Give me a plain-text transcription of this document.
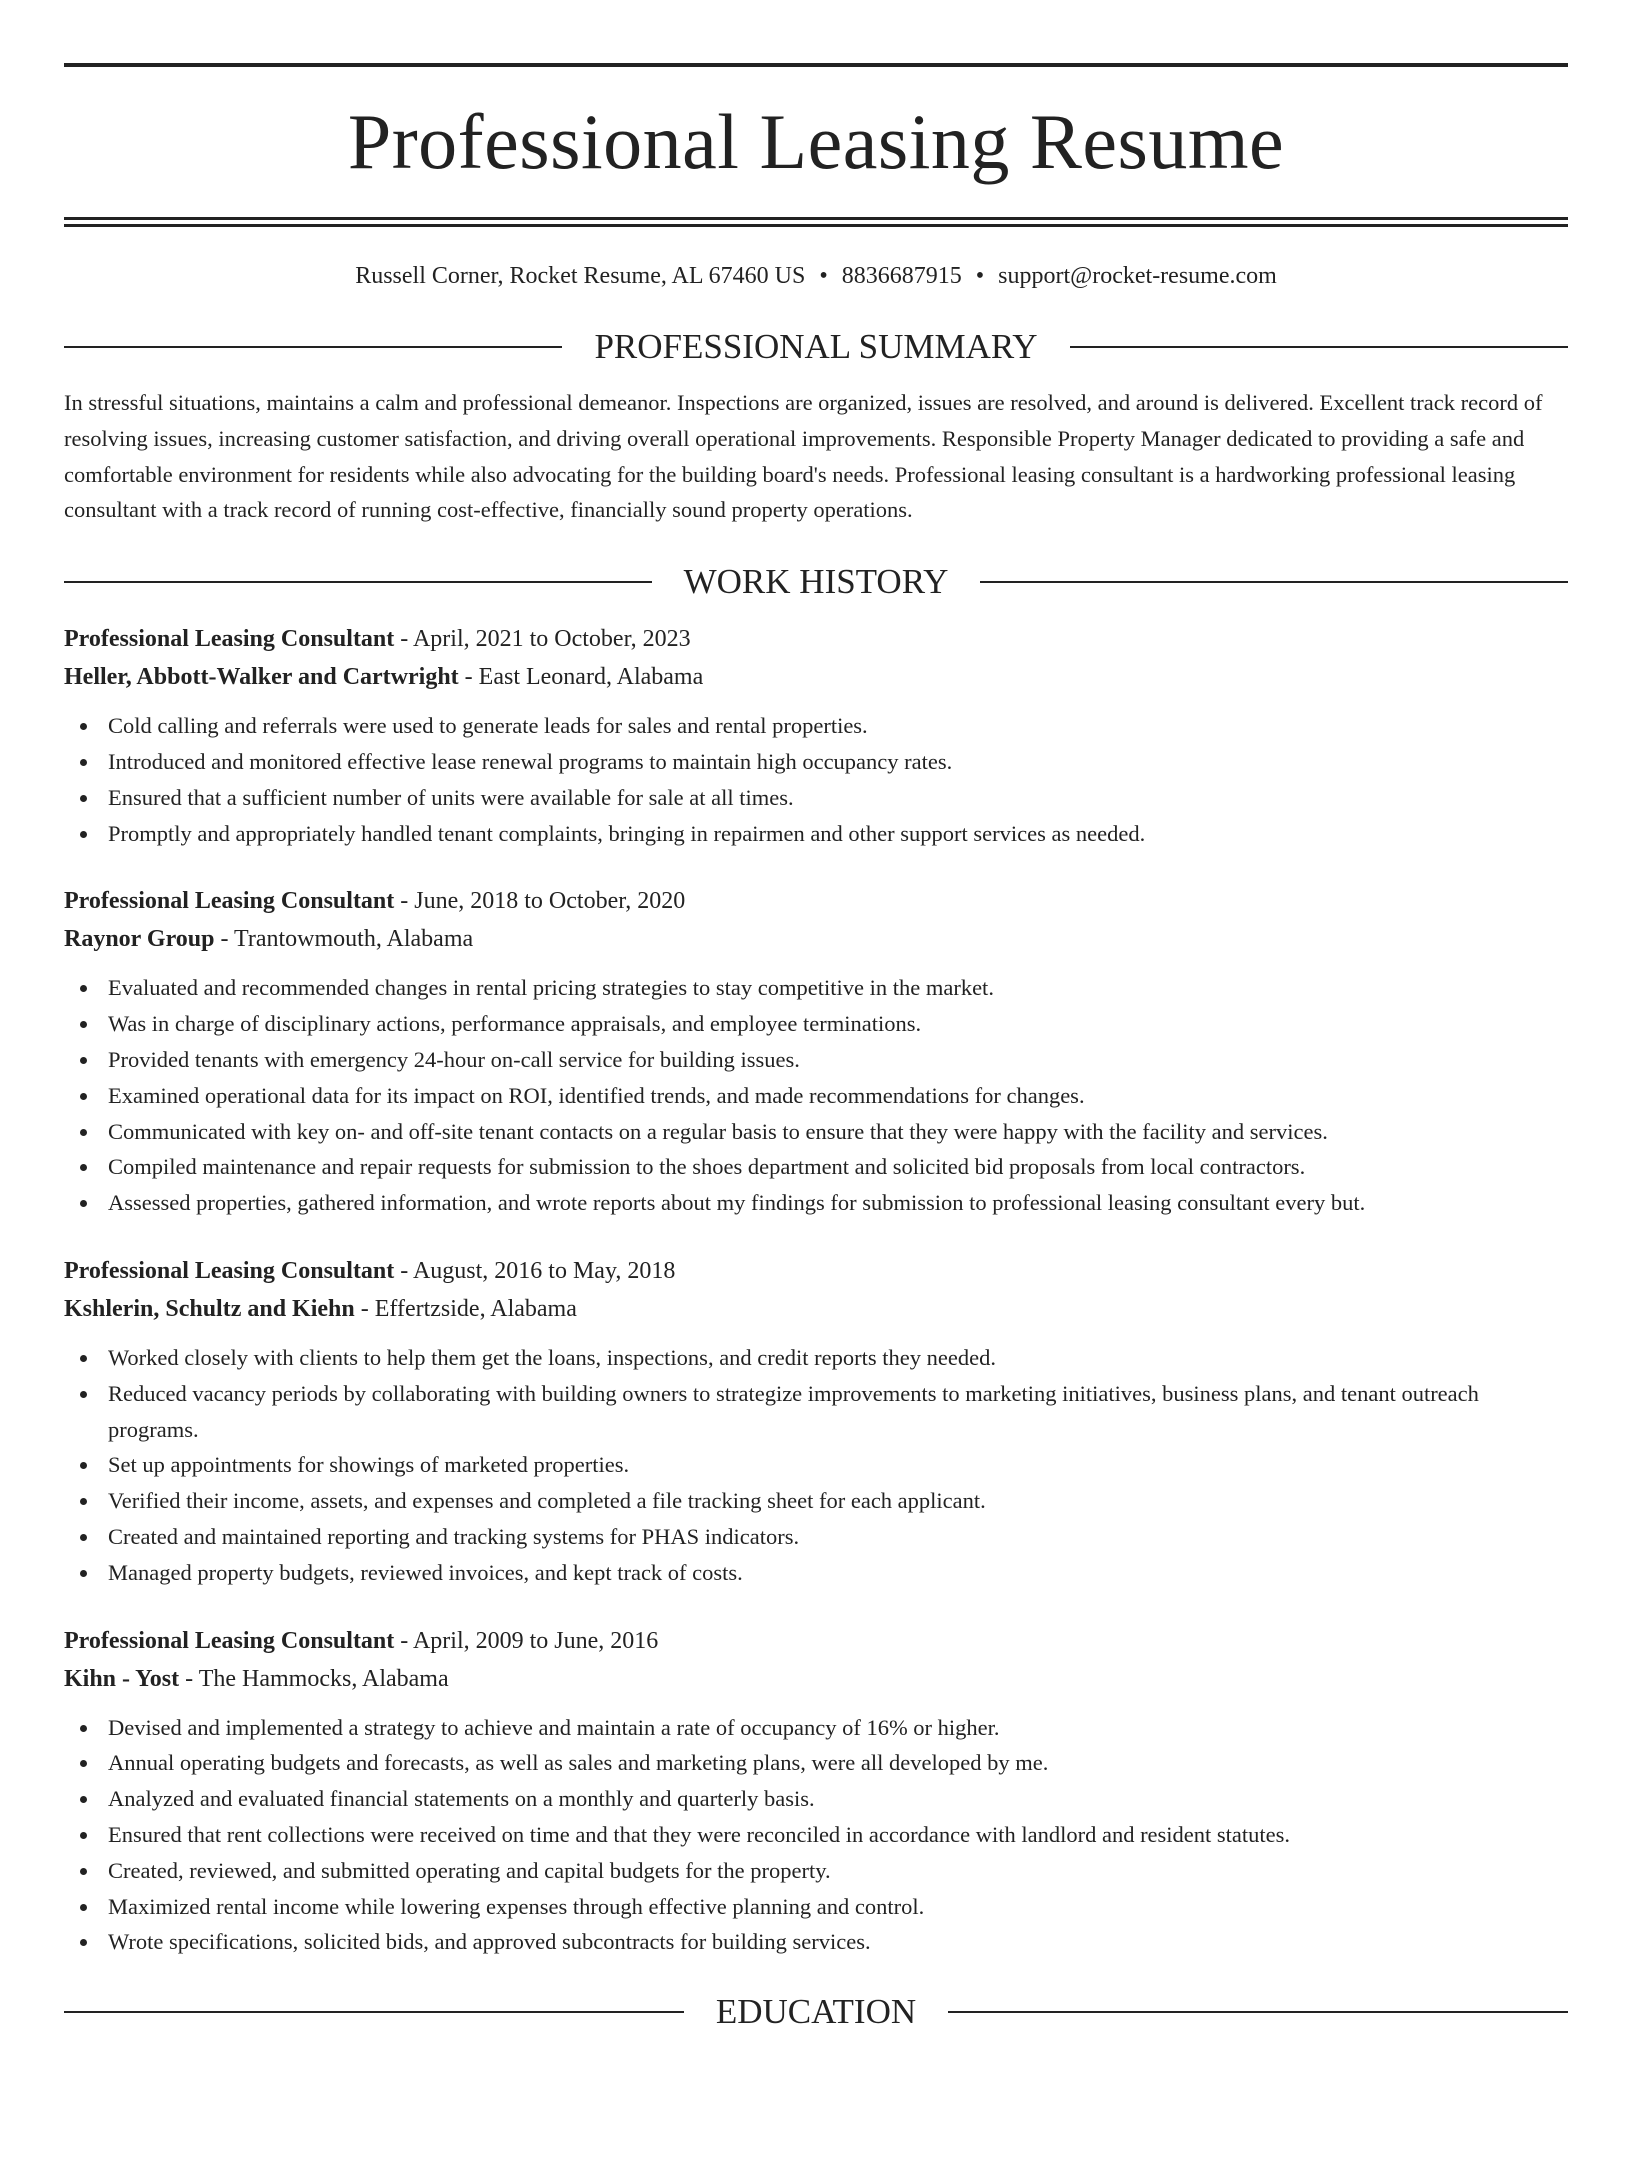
Professional Leasing Resume
Russell Corner, Rocket Resume, AL 67460 US • 8836687915 • support@rocket-resume.com
PROFESSIONAL SUMMARY

In stressful situations, maintains a calm and professional demeanor. Inspections are organized, issues are resolved, and around is delivered. Excellent track record of resolving issues, increasing customer satisfaction, and driving overall operational improvements. Responsible Property Manager dedicated to providing a safe and comfortable environment for residents while also advocating for the building board's needs. Professional leasing consultant is a hardworking professional leasing consultant with a track record of running cost-effective, financially sound property operations.

WORK HISTORY
Professional Leasing Consultant - April, 2021 to October, 2023
Heller, Abbott-Walker and Cartwright - East Leonard, Alabama
Cold calling and referrals were used to generate leads for sales and rental properties.
Introduced and monitored effective lease renewal programs to maintain high occupancy rates.
Ensured that a sufficient number of units were available for sale at all times.
Promptly and appropriately handled tenant complaints, bringing in repairmen and other support services as needed.
Professional Leasing Consultant - June, 2018 to October, 2020
Raynor Group - Trantowmouth, Alabama
Evaluated and recommended changes in rental pricing strategies to stay competitive in the market.
Was in charge of disciplinary actions, performance appraisals, and employee terminations.
Provided tenants with emergency 24-hour on-call service for building issues.
Examined operational data for its impact on ROI, identified trends, and made recommendations for changes.
Communicated with key on- and off-site tenant contacts on a regular basis to ensure that they were happy with the facility and services.
Compiled maintenance and repair requests for submission to the shoes department and solicited bid proposals from local contractors.
Assessed properties, gathered information, and wrote reports about my findings for submission to professional leasing consultant every but.
Professional Leasing Consultant - August, 2016 to May, 2018
Kshlerin, Schultz and Kiehn - Effertzside, Alabama
Worked closely with clients to help them get the loans, inspections, and credit reports they needed.
Reduced vacancy periods by collaborating with building owners to strategize improvements to marketing initiatives, business plans, and tenant outreach programs.
Set up appointments for showings of marketed properties.
Verified their income, assets, and expenses and completed a file tracking sheet for each applicant.
Created and maintained reporting and tracking systems for PHAS indicators.
Managed property budgets, reviewed invoices, and kept track of costs.
Professional Leasing Consultant - April, 2009 to June, 2016
Kihn - Yost - The Hammocks, Alabama
Devised and implemented a strategy to achieve and maintain a rate of occupancy of 16% or higher.
Annual operating budgets and forecasts, as well as sales and marketing plans, were all developed by me.
Analyzed and evaluated financial statements on a monthly and quarterly basis.
Ensured that rent collections were received on time and that they were reconciled in accordance with landlord and resident statutes.
Created, reviewed, and submitted operating and capital budgets for the property.
Maximized rental income while lowering expenses through effective planning and control.
Wrote specifications, solicited bids, and approved subcontracts for building services.
EDUCATION
